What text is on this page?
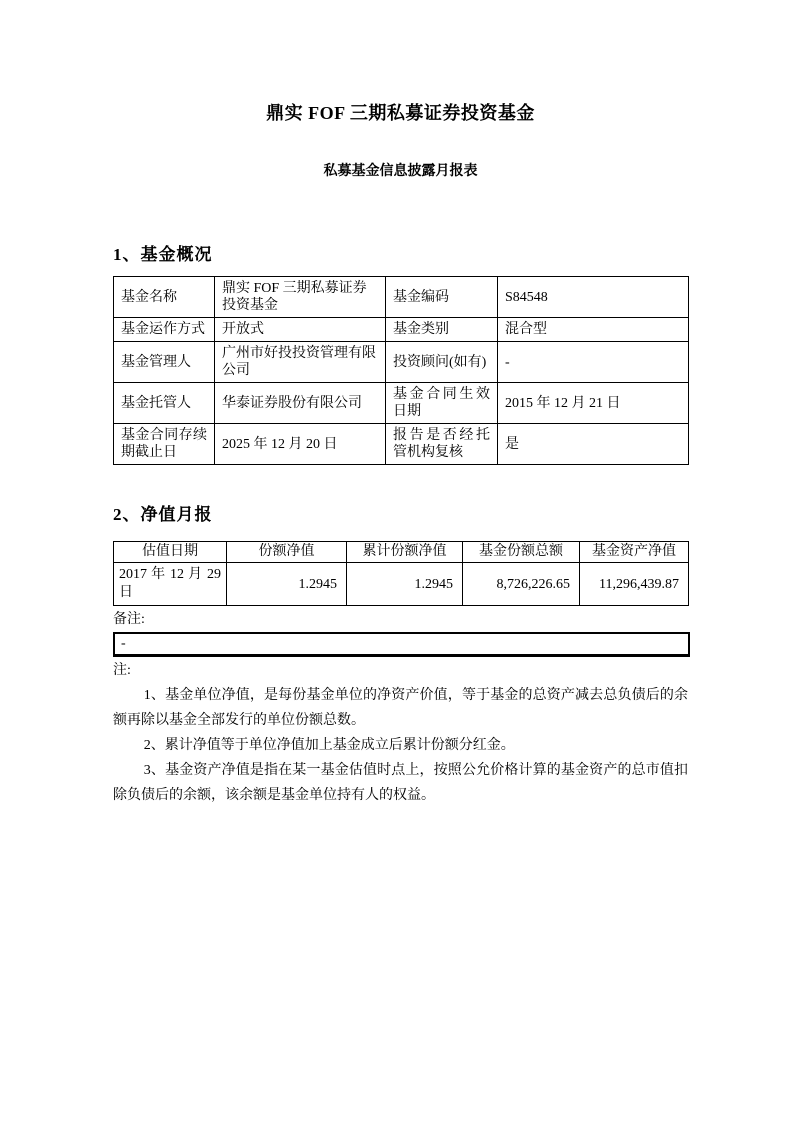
鼎实 FOF 三期私募证券投资基金
私募基金信息披露月报表
1、基金概况
基金名称	鼎实 FOF 三期私募证券投资基金	基金编码	S84548
基金运作方式	开放式	基金类别	混合型
基金管理人	广州市好投投资管理有限公司	投资顾问(如有)	-
基金托管人	华泰证券股份有限公司	基金合同生效日期	2015 年 12 月 21 日
基金合同存续期截止日	2025 年 12 月 20 日	报告是否经托管机构复核	是
2、净值月报
估值日期	份额净值	累计份额净值	基金份额总额	基金资产净值
2017 年 12 月 29 日	1.2945	1.2945	8,726,226.65	11,296,439.87
备注:
-
注:

1、基金单位净值，是每份基金单位的净资产价值，等于基金的总资产减去总负债后的余额再除以基金全部发行的单位份额总数。

2、累计净值等于单位净值加上基金成立后累计份额分红金。

3、基金资产净值是指在某一基金估值时点上，按照公允价格计算的基金资产的总市值扣除负债后的余额，该余额是基金单位持有人的权益。
